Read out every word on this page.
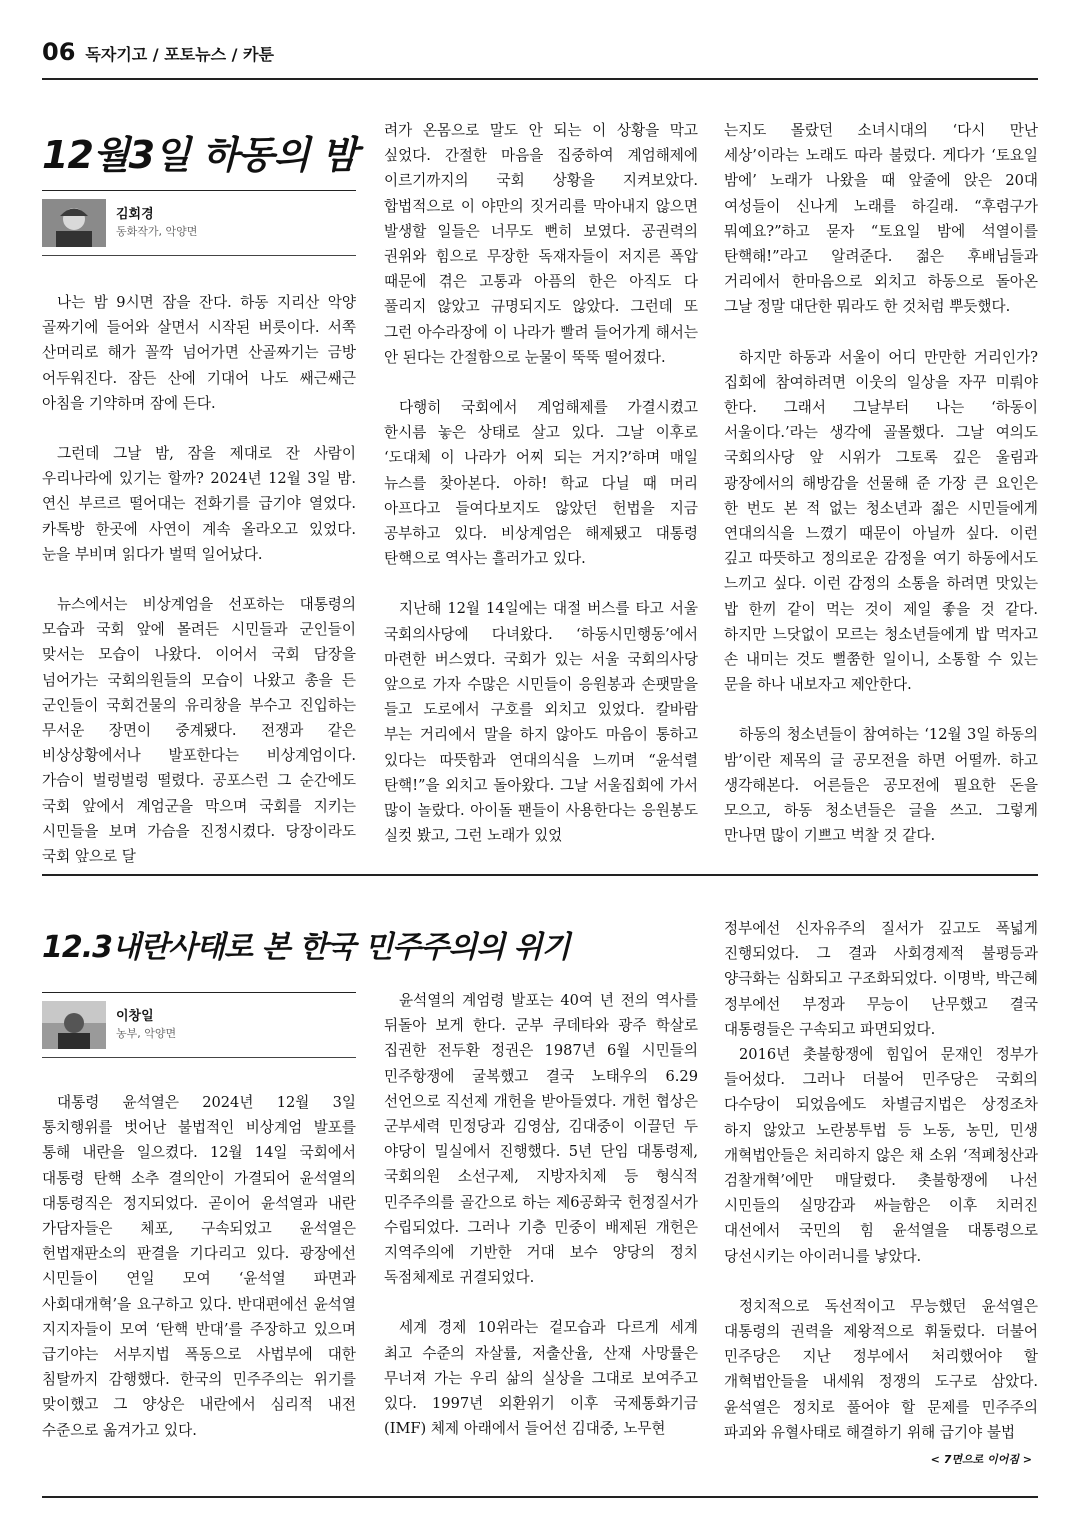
06 독자기고 / 포토뉴스 / 카툰
12월3일 하동의 밤
김회경
동화작가, 악양면

나는 밤 9시면 잠을 잔다. 하동 지리산 악양 골짜기에 들어와 살면서 시작된 버릇이다. 서쪽 산머리로 해가 꼴깍 넘어가면 산골짜기는 금방 어두워진다. 잠든 산에 기대어 나도 쌔근쌔근 아침을 기약하며 잠에 든다.

그런데 그날 밤, 잠을 제대로 잔 사람이 우리나라에 있기는 할까? 2024년 12월 3일 밤. 연신 부르르 떨어대는 전화기를 급기야 열었다. 카톡방 한곳에 사연이 계속 올라오고 있었다. 눈을 부비며 읽다가 벌떡 일어났다.

뉴스에서는 비상계엄을 선포하는 대통령의 모습과 국회 앞에 몰려든 시민들과 군인들이 맞서는 모습이 나왔다. 이어서 국회 담장을 넘어가는 국회의원들의 모습이 나왔고 총을 든 군인들이 국회건물의 유리창을 부수고 진입하는 무서운 장면이 중계됐다. 전쟁과 같은 비상상황에서나 발포한다는 비상계엄이다. 가슴이 벌렁벌렁 떨렸다. 공포스런 그 순간에도 국회 앞에서 계엄군을 막으며 국회를 지키는 시민들을 보며 가슴을 진정시켰다. 당장이라도 국회 앞으로 달

려가 온몸으로 말도 안 되는 이 상황을 막고 싶었다. 간절한 마음을 집중하여 계엄해제에 이르기까지의 국회 상황을 지켜보았다. 합법적으로 이 야만의 짓거리를 막아내지 않으면 발생할 일들은 너무도 뻔히 보였다. 공권력의 권위와 힘으로 무장한 독재자들이 저지른 폭압 때문에 겪은 고통과 아픔의 한은 아직도 다 풀리지 않았고 규명되지도 않았다. 그런데 또 그런 아수라장에 이 나라가 빨려 들어가게 해서는 안 된다는 간절함으로 눈물이 뚝뚝 떨어졌다.

다행히 국회에서 계엄해제를 가결시켰고 한시름 놓은 상태로 살고 있다. 그날 이후로 ‘도대체 이 나라가 어찌 되는 거지?’하며 매일 뉴스를 찾아본다. 아하! 학교 다닐 때 머리 아프다고 들여다보지도 않았던 헌법을 지금 공부하고 있다. 비상계엄은 해제됐고 대통령 탄핵으로 역사는 흘러가고 있다.

지난해 12월 14일에는 대절 버스를 타고 서울 국회의사당에 다녀왔다. ‘하동시민행동’에서 마련한 버스였다. 국회가 있는 서울 국회의사당 앞으로 가자 수많은 시민들이 응원봉과 손팻말을 들고 도로에서 구호를 외치고 있었다. 칼바람 부는 거리에서 말을 하지 않아도 마음이 통하고 있다는 따뜻함과 연대의식을 느끼며 “윤석렬 탄핵!”을 외치고 돌아왔다. 그날 서울집회에 가서 많이 놀랐다. 아이돌 팬들이 사용한다는 응원봉도 실컷 봤고, 그런 노래가 있었

는지도 몰랐던 소녀시대의 ‘다시 만난 세상’이라는 노래도 따라 불렀다. 게다가 ‘토요일 밤에’ 노래가 나왔을 때 앞줄에 앉은 20대 여성들이 신나게 노래를 하길래. “후렴구가 뭐예요?”하고 묻자 “토요일 밤에 석열이를 탄핵해!”라고 알려준다. 젊은 후배님들과 거리에서 한마음으로 외치고 하동으로 돌아온 그날 정말 대단한 뭐라도 한 것처럼 뿌듯했다.

하지만 하동과 서울이 어디 만만한 거리인가? 집회에 참여하려면 이웃의 일상을 자꾸 미뤄야 한다. 그래서 그날부터 나는 ‘하동이 서울이다.’라는 생각에 골몰했다. 그날 여의도 국회의사당 앞 시위가 그토록 깊은 울림과 광장에서의 해방감을 선물해 준 가장 큰 요인은 한 번도 본 적 없는 청소년과 젊은 시민들에게 연대의식을 느꼈기 때문이 아닐까 싶다. 이런 깊고 따뜻하고 정의로운 감정을 여기 하동에서도 느끼고 싶다. 이런 감정의 소통을 하려면 맛있는 밥 한끼 같이 먹는 것이 제일 좋을 것 같다. 하지만 느닷없이 모르는 청소년들에게 밥 먹자고 손 내미는 것도 뻘쭘한 일이니, 소통할 수 있는 문을 하나 내보자고 제안한다.

하동의 청소년들이 참여하는 ‘12월 3일 하동의 밤’이란 제목의 글 공모전을 하면 어떨까. 하고 생각해본다. 어른들은 공모전에 필요한 돈을 모으고, 하동 청소년들은 글을 쓰고. 그렇게 만나면 많이 기쁘고 벅찰 것 같다.

12.3내란사태로 본 한국 민주주의의 위기
이창일
농부, 악양면

대통령 윤석열은 2024년 12월 3일 통치행위를 벗어난 불법적인 비상계엄 발포를 통해 내란을 일으켰다. 12월 14일 국회에서 대통령 탄핵 소추 결의안이 가결되어 윤석열의 대통령직은 정지되었다. 곧이어 윤석열과 내란 가담자들은 체포, 구속되었고 윤석열은 헌법재판소의 판결을 기다리고 있다. 광장에선 시민들이 연일 모여 ‘윤석열 파면과 사회대개혁’을 요구하고 있다. 반대편에선 윤석열 지지자들이 모여 ‘탄핵 반대’를 주장하고 있으며 급기야는 서부지법 폭동으로 사법부에 대한 침탈까지 감행했다. 한국의 민주주의는 위기를 맞이했고 그 양상은 내란에서 심리적 내전 수준으로 옮겨가고 있다.

윤석열의 계엄령 발포는 40여 년 전의 역사를 뒤돌아 보게 한다. 군부 쿠데타와 광주 학살로 집권한 전두환 정권은 1987년 6월 시민들의 민주항쟁에 굴복했고 결국 노태우의 6.29 선언으로 직선제 개헌을 받아들였다. 개헌 협상은 군부세력 민정당과 김영삼, 김대중이 이끌던 두 야당이 밀실에서 진행했다. 5년 단임 대통령제, 국회의원 소선구제, 지방자치제 등 형식적 민주주의를 골간으로 하는 제6공화국 헌정질서가 수립되었다. 그러나 기층 민중이 배제된 개헌은 지역주의에 기반한 거대 보수 양당의 정치 독점체제로 귀결되었다.

세계 경제 10위라는 겉모습과 다르게 세계 최고 수준의 자살률, 저출산율, 산재 사망률은 무너져 가는 우리 삶의 실상을 그대로 보여주고 있다. 1997년 외환위기 이후 국제통화기금(IMF) 체제 아래에서 들어선 김대중, 노무현

정부에선 신자유주의 질서가 깊고도 폭넓게 진행되었다. 그 결과 사회경제적 불평등과 양극화는 심화되고 구조화되었다. 이명박, 박근혜 정부에선 부정과 무능이 난무했고 결국 대통령들은 구속되고 파면되었다.

2016년 촛불항쟁에 힘입어 문재인 정부가 들어섰다. 그러나 더불어 민주당은 국회의 다수당이 되었음에도 차별금지법은 상정조차 하지 않았고 노란봉투법 등 노동, 농민, 민생 개혁법안들은 처리하지 않은 채 소위 ‘적폐청산과 검찰개혁’에만 매달렸다. 촛불항쟁에 나선 시민들의 실망감과 싸늘함은 이후 치러진 대선에서 국민의 힘 윤석열을 대통령으로 당선시키는 아이러니를 낳았다.

정치적으로 독선적이고 무능했던 윤석열은 대통령의 권력을 제왕적으로 휘둘렀다. 더불어 민주당은 지난 정부에서 처리했어야 할 개혁법안들을 내세워 정쟁의 도구로 삼았다. 윤석열은 정치로 풀어야 할 문제를 민주주의 파괴와 유혈사태로 해결하기 위해 급기야 불법

< 7면으로 이어짐 >
